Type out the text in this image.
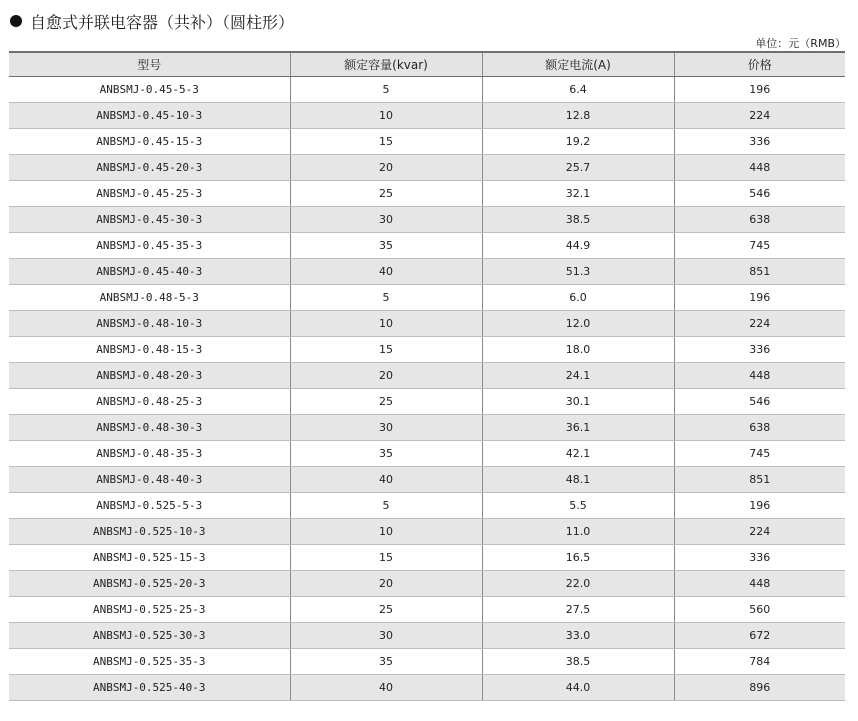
自愈式并联电容器（共补）（圆柱形）
单位：元（RMB）
型号	额定容量(kvar)	额定电流(A)	价格
ANBSMJ-0.45-5-3	5	6.4	196
ANBSMJ-0.45-10-3	10	12.8	224
ANBSMJ-0.45-15-3	15	19.2	336
ANBSMJ-0.45-20-3	20	25.7	448
ANBSMJ-0.45-25-3	25	32.1	546
ANBSMJ-0.45-30-3	30	38.5	638
ANBSMJ-0.45-35-3	35	44.9	745
ANBSMJ-0.45-40-3	40	51.3	851
ANBSMJ-0.48-5-3	5	6.0	196
ANBSMJ-0.48-10-3	10	12.0	224
ANBSMJ-0.48-15-3	15	18.0	336
ANBSMJ-0.48-20-3	20	24.1	448
ANBSMJ-0.48-25-3	25	30.1	546
ANBSMJ-0.48-30-3	30	36.1	638
ANBSMJ-0.48-35-3	35	42.1	745
ANBSMJ-0.48-40-3	40	48.1	851
ANBSMJ-0.525-5-3	5	5.5	196
ANBSMJ-0.525-10-3	10	11.0	224
ANBSMJ-0.525-15-3	15	16.5	336
ANBSMJ-0.525-20-3	20	22.0	448
ANBSMJ-0.525-25-3	25	27.5	560
ANBSMJ-0.525-30-3	30	33.0	672
ANBSMJ-0.525-35-3	35	38.5	784
ANBSMJ-0.525-40-3	40	44.0	896
